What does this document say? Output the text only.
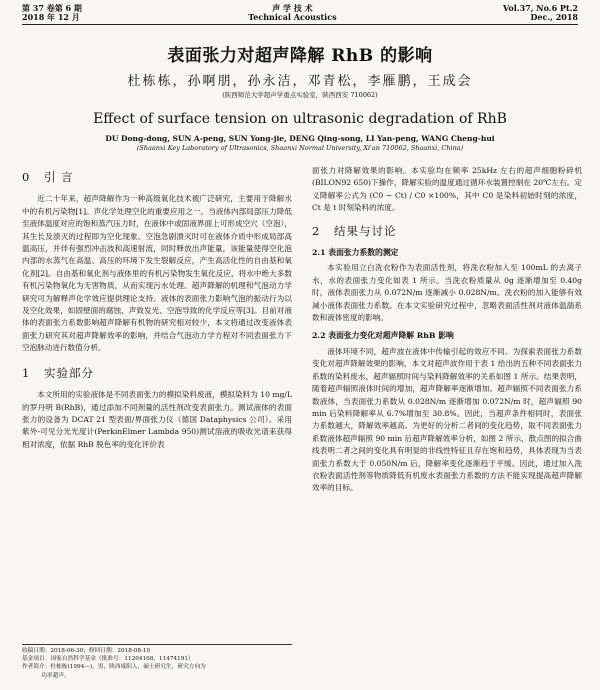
第 37 卷第 6 期
2018 年 12 月
声 学 技 术
Technical Acoustics
Vol.37, No.6 Pt.2
Dec., 2018
表面张力对超声降解 RhB 的影响
杜栋栋，孙啊朋，孙永洁，邓青松，李雁鹏，王成会
(陕西师范大学超声学重点实验室，陕西西安 710062)
Effect of surface tension on ultrasonic degradation of RhB
DU Dong-dong, SUN A-peng, SUN Yong-jie, DENG Qing-song, LI Yan-peng, WANG Cheng-hui
(Shaanxi Key Laboratory of Ultrasonics, Shaanxi Normal University, Xi'an 710062, Shaanxi, China)
0 引 言

近二十年来，超声降解作为一种高级氧化技术被广泛研究，主要用于降解水中的有机污染物[1]。声化学处理空化的重要应用之一。当液体内部局部压力降低至液体温度对应的饱和蒸汽压力时，在液体中或固液界面上可形成空穴（空泡），其生长及溃灭的过程即为空化现象。空泡急剧溃灭时可在液体介质中形成局部高温高压，并伴有强烈冲击波和高速射流，同时释放出声能量，该能量使得空化泡内部的水蒸气在高温、高压的环境下发生裂解反应，产生高活化性的自由基和氧化剂[2]。自由基和氧化剂与液体里的有机污染物发生氧化反应，将水中绝大多数有机污染物氧化为无害物质，从而实现污水处理。超声降解的机理和气泡动力学研究可为解释声化学效应提供理论支持。液体的表面张力影响气泡的振动行为以及空化效果，如固壁面的腐蚀、声致发光、空泡导致的化学反应等[3]。目前对液体的表面张力系数影响超声降解有机物的研究相对较少，本文将通过改变液体表面张力研究其对超声降解效率的影响，并结合气泡动力学方程对不同表面张力下空泡脉动进行数值分析。

1 实验部分

本文所用的实验液体是不同表面张力的模拟染料废液，模拟染料为 10 mg/L 的罗丹明 B(RhB)，通过添加不同剂量的活性剂改变表面张力。测试液体的表面张力的设备为 DCAT 21 型表面/界面张力仪（德国 Dataphysics 公司）。采用紫外-可见分光光度计(PerkinElmer Lambda 950)测试溶液的吸收光谱来获得相对浓度，依据 RhB 脱色率的变化评价表

面张力对降解效果的影响。本实验均在频率 25kHz 左右的超声细胞粉碎机(BILON92 650)下操作，降解实验的温度通过循环水装置控制在 20℃左右。定义降解率公式为 (C0 − Ct) / C0 ×100%，其中 C0 是染料初始时刻的浓度，Ct 是 t 时刻染料的浓度。

2 结果与讨论
2.1 表面张力系数的测定

本实验用立白洗衣粉作为表面活性剂，将洗衣粉加入至 100mL 的去离子水，水的表面张力变化如表 1 所示。当洗衣粉质量从 0g 逐渐增加至 0.40g 时，液体表面张力从 0.072N/m 逐渐减小 0.028N/m。洗衣粉的加入能够有效减小液体表面张力系数。在本文实验研究过程中，忽略表面活性剂对液体温湍系数和液体密度的影响。

2.2 表面张力变化对超声降解 RhB 影响

液体环境不同，超声波在液体中传输引起的效应不同。为探索表面张力系数变化对超声降解效果的影响，本文对超声波作用于表 1 给出的五种不同表面张力系数的染料废水，超声辐照时间与染料降解效率的关系如图 1 所示。结果表明，随着超声辐照液体时间的增加，超声降解率逐渐增加。超声辐照不同表面张力系数液体，当表面张力系数从 0.028N/m 逐渐增加 0.072N/m 时，超声辐照 90 min 后染料降解率从 6.7%增加至 30.8%。因此，当超声条件相同时，表面张力系数越大，降解效率越高。为更好的分析二者间的变化趋势，取不同表面张力系数液体超声辐照 90 min 后超声降解效率分析，如图 2 所示，散点图的拟合曲线表明二者之间的变化具有明显的非线性特征且存在饱和趋势，具体表现为当表面张力系数大于 0.050N/m 后，降解率变化逐渐趋于平缓。因此，通过加入洗衣粉表面活性剂等物质降低有机废水表面张力系数的方法不能实现提高超声降解效率的目标。

收稿日期：2018-06-30；修回日期：2018-08-10
基金项目：国家自然科学基金（批准号：11204168、11474191）
作者简介：杜栋栋(1994—)，男，陕西咸阳人，硕士研究生，研究方向为
功率超声。
